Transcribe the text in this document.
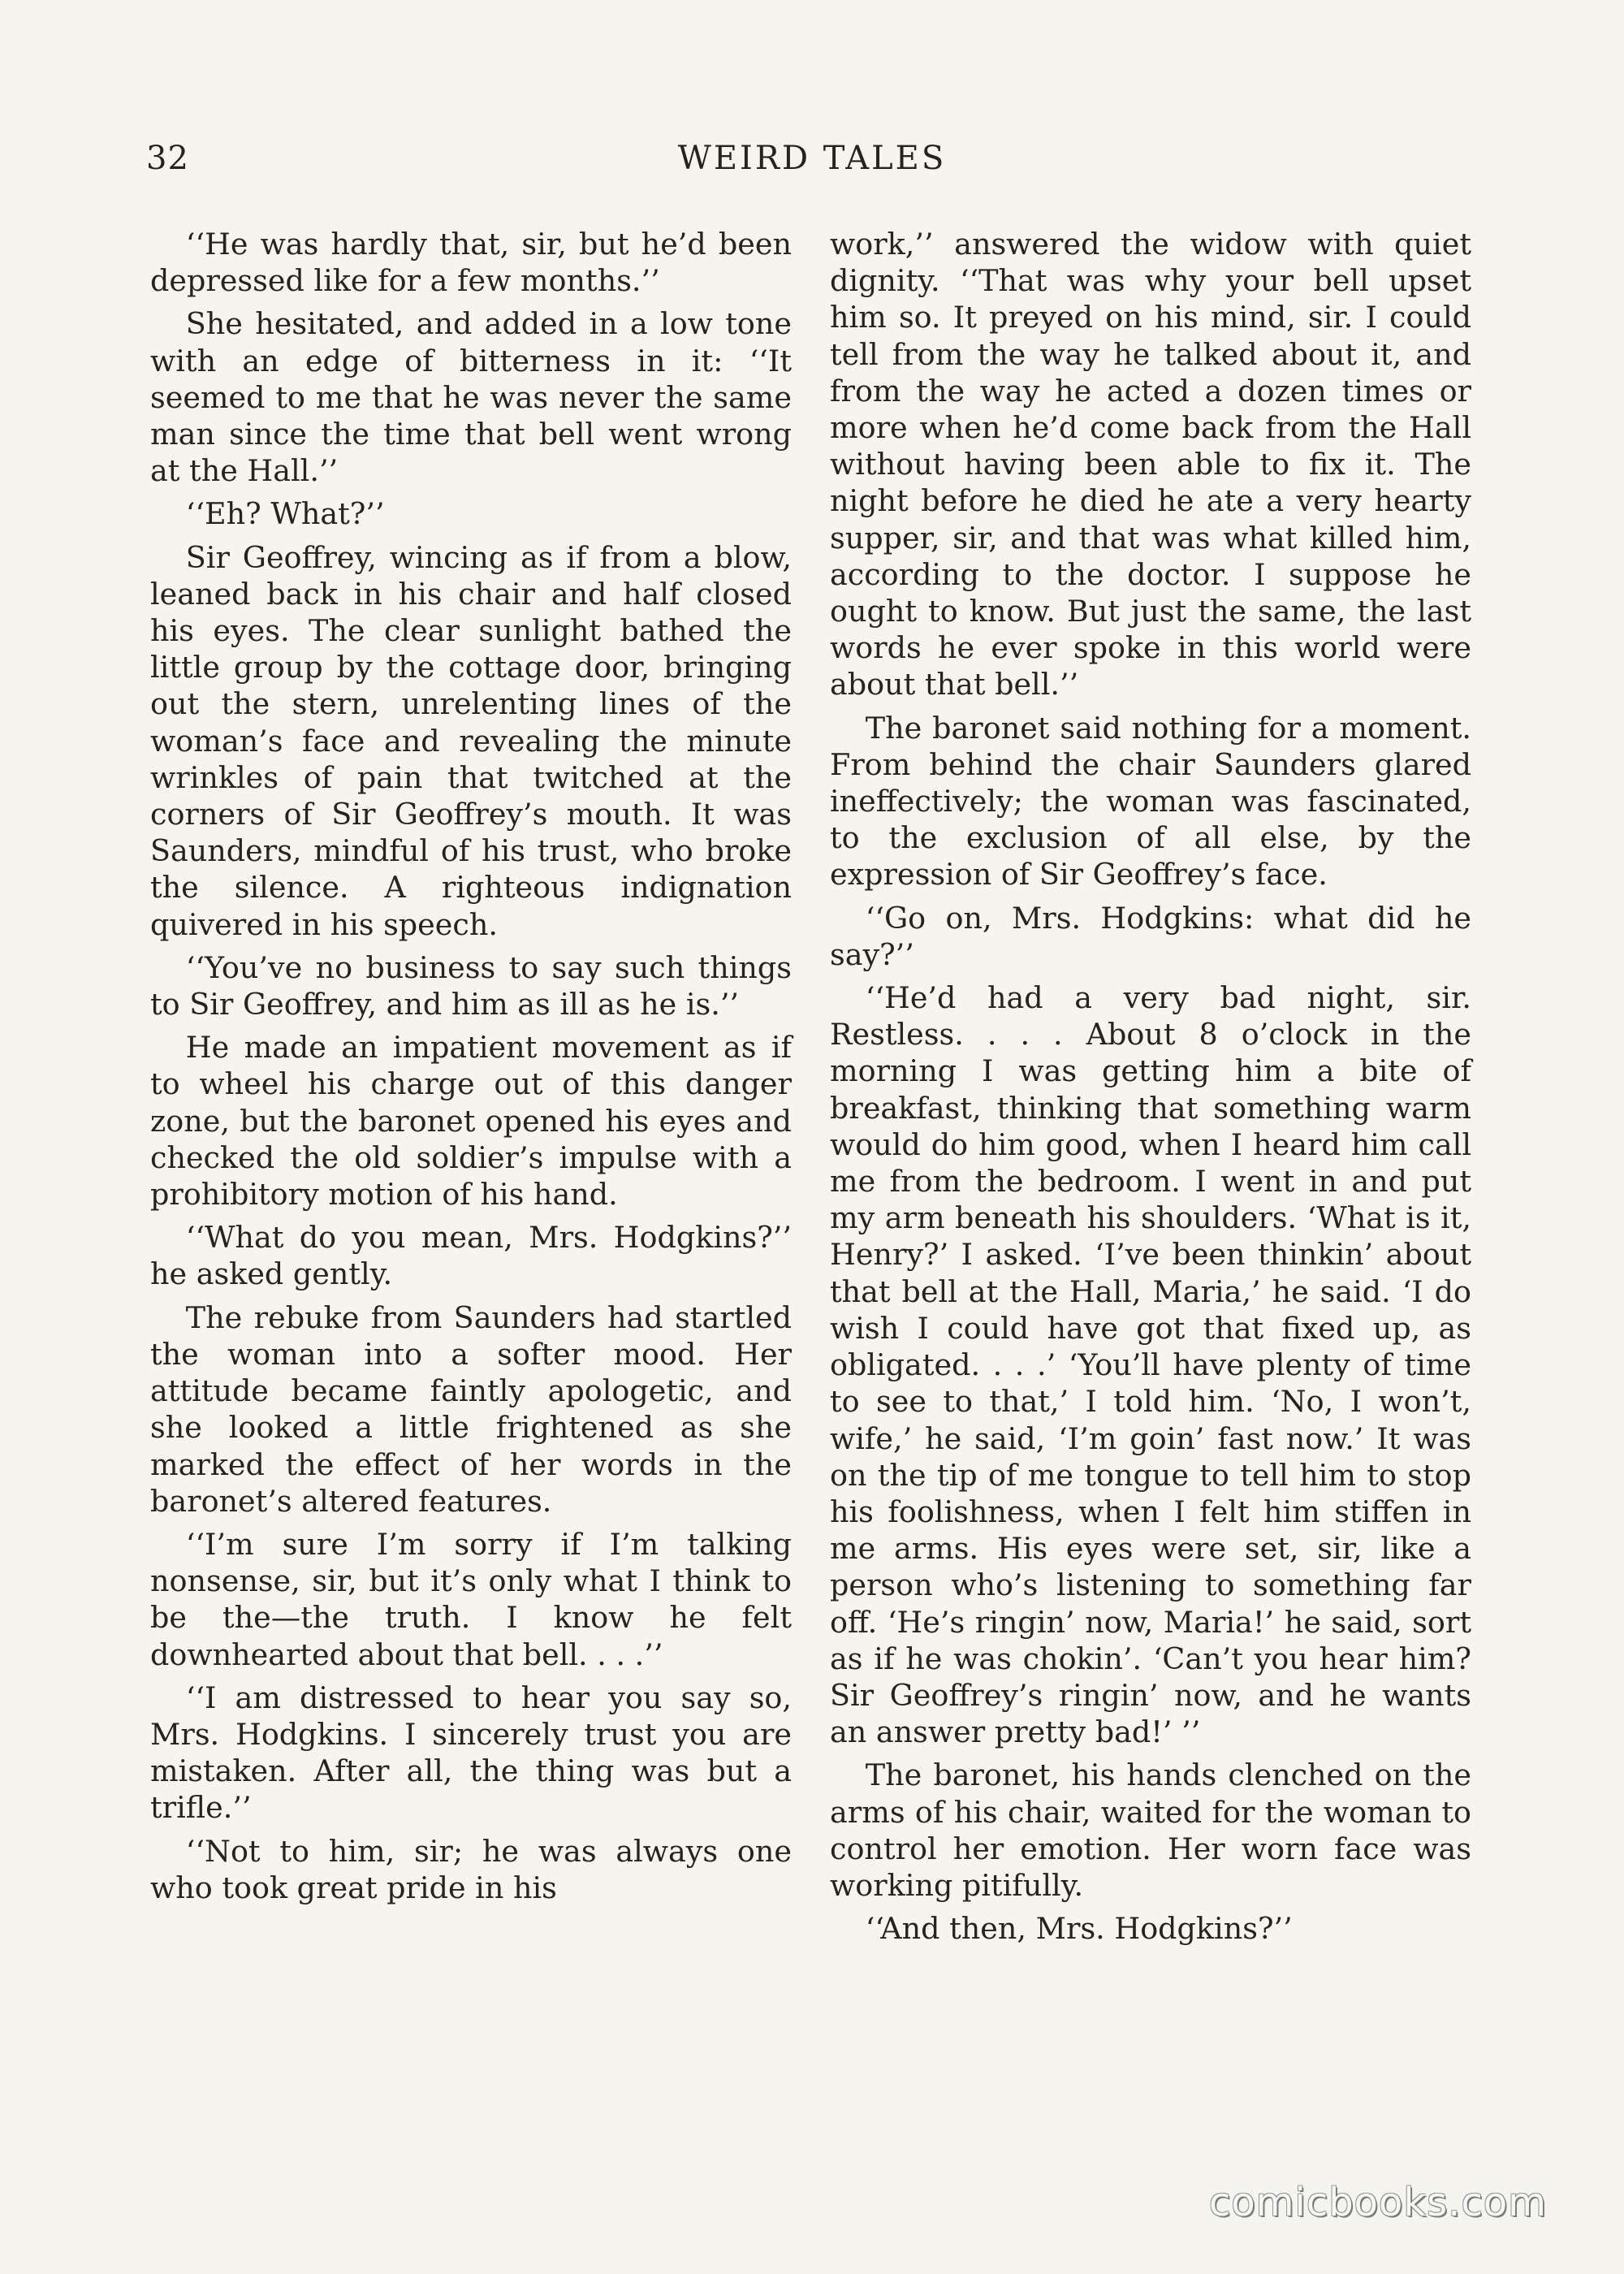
32	WEIRD TALES

‘‘He was hardly that, sir, but he’d been depressed like for a few months.’’

She hesitated, and added in a low tone with an edge of bitterness in it: ‘‘It seemed to me that he was never the same man since the time that bell went wrong at the Hall.’’

‘‘Eh? What?’’

Sir Geoffrey, wincing as if from a blow, leaned back in his chair and half closed his eyes. The clear sunlight bathed the little group by the cottage door, bringing out the stern, unrelenting lines of the woman’s face and revealing the minute wrinkles of pain that twitched at the corners of Sir Geoffrey’s mouth. It was Saunders, mindful of his trust, who broke the silence. A righteous indignation quivered in his speech.

‘‘You’ve no business to say such things to Sir Geoffrey, and him as ill as he is.’’

He made an impatient movement as if to wheel his charge out of this danger zone, but the baronet opened his eyes and checked the old soldier’s impulse with a prohibitory motion of his hand.

‘‘What do you mean, Mrs. Hodgkins?’’ he asked gently.

The rebuke from Saunders had startled the woman into a softer mood. Her attitude became faintly apologetic, and she looked a little frightened as she marked the effect of her words in the baronet’s altered features.

‘‘I’m sure I’m sorry if I’m talking nonsense, sir, but it’s only what I think to be the—the truth. I know he felt downhearted about that bell. . . .’’

‘‘I am distressed to hear you say so, Mrs. Hodgkins. I sincerely trust you are mistaken. After all, the thing was but a trifle.’’

‘‘Not to him, sir; he was always one who took great pride in his

work,’’ answered the widow with quiet dignity. ‘‘That was why your bell upset him so. It preyed on his mind, sir. I could tell from the way he talked about it, and from the way he acted a dozen times or more when he’d come back from the Hall without having been able to fix it. The night before he died he ate a very hearty supper, sir, and that was what killed him, according to the doctor. I suppose he ought to know. But just the same, the last words he ever spoke in this world were about that bell.’’

The baronet said nothing for a moment. From behind the chair Saunders glared ineffectively; the woman was fascinated, to the exclusion of all else, by the expression of Sir Geoffrey’s face.

‘‘Go on, Mrs. Hodgkins: what did he say?’’

‘‘He’d had a very bad night, sir. Restless. . . . About 8 o’clock in the morning I was getting him a bite of breakfast, thinking that something warm would do him good, when I heard him call me from the bedroom. I went in and put my arm beneath his shoulders. ‘What is it, Henry?’ I asked. ‘I’ve been thinkin’ about that bell at the Hall, Maria,’ he said. ‘I do wish I could have got that fixed up, as obligated. . . .’ ‘You’ll have plenty of time to see to that,’ I told him. ‘No, I won’t, wife,’ he said, ‘I’m goin’ fast now.’ It was on the tip of me tongue to tell him to stop his foolishness, when I felt him stiffen in me arms. His eyes were set, sir, like a person who’s listening to something far off. ‘He’s ringin’ now, Maria!’ he said, sort as if he was chokin’. ‘Can’t you hear him? Sir Geoffrey’s ringin’ now, and he wants an answer pretty bad!’ ’’

The baronet, his hands clenched on the arms of his chair, waited for the woman to control her emotion. Her worn face was working pitifully.

‘‘And then, Mrs. Hodgkins?’’

comicbooks.com
